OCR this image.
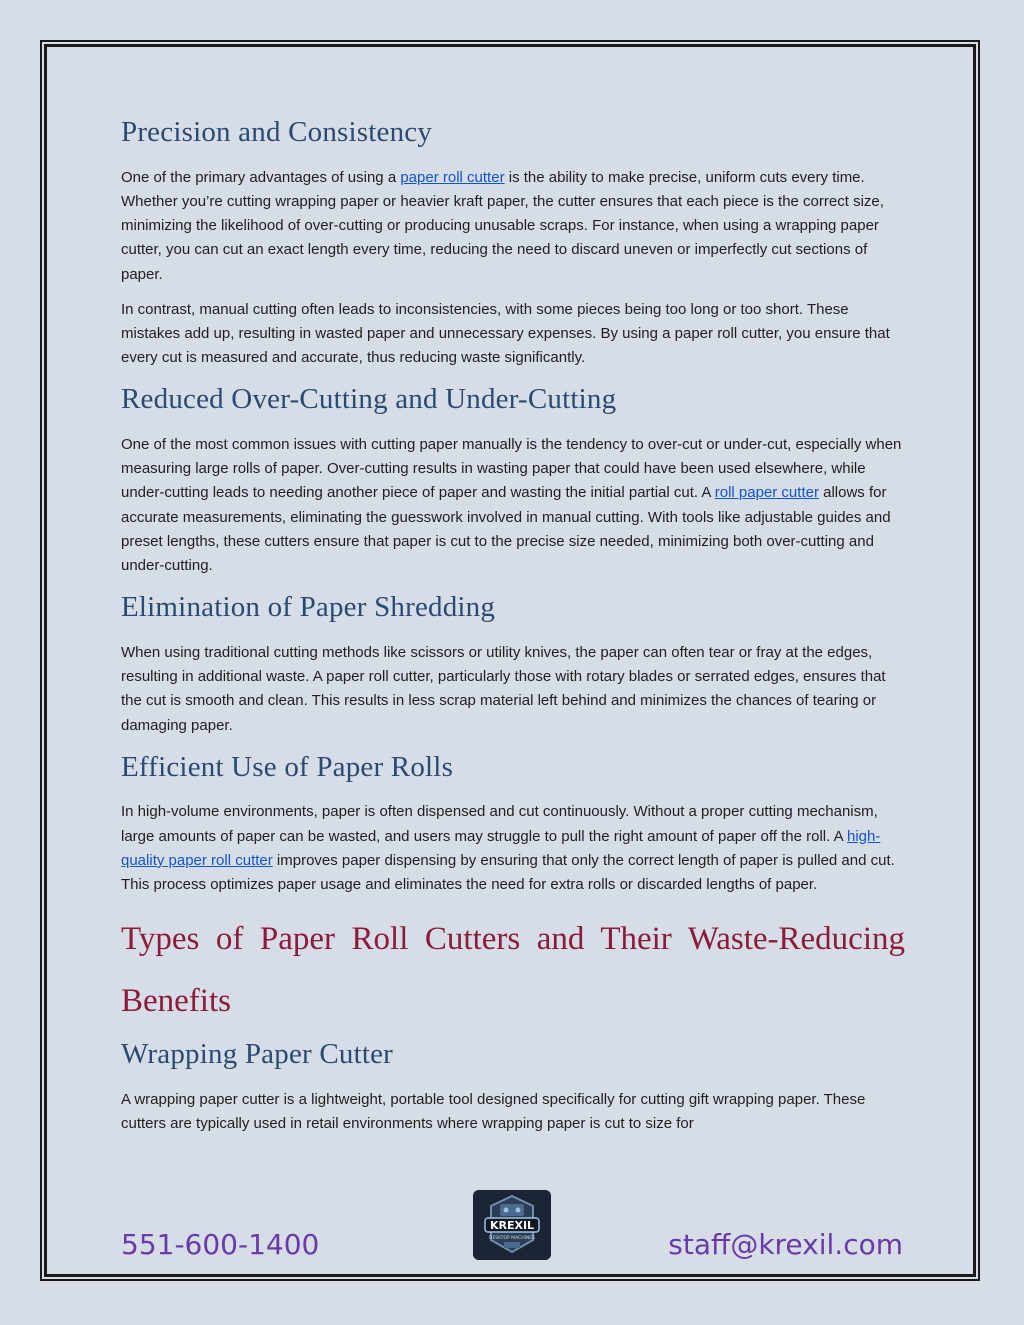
Precision and Consistency

One of the primary advantages of using a paper roll cutter is the ability to make precise, uniform cuts every time. Whether you’re cutting wrapping paper or heavier kraft paper, the cutter ensures that each piece is the correct size, minimizing the likelihood of over-cutting or producing unusable scraps. For instance, when using a wrapping paper cutter, you can cut an exact length every time, reducing the need to discard uneven or imperfectly cut sections of paper.

In contrast, manual cutting often leads to inconsistencies, with some pieces being too long or too short. These mistakes add up, resulting in wasted paper and unnecessary expenses. By using a paper roll cutter, you ensure that every cut is measured and accurate, thus reducing waste significantly.

Reduced Over-Cutting and Under-Cutting

One of the most common issues with cutting paper manually is the tendency to over-cut or under-cut, especially when measuring large rolls of paper. Over-cutting results in wasting paper that could have been used elsewhere, while under-cutting leads to needing another piece of paper and wasting the initial partial cut. A roll paper cutter allows for accurate measurements, eliminating the guesswork involved in manual cutting. With tools like adjustable guides and preset lengths, these cutters ensure that paper is cut to the precise size needed, minimizing both over-cutting and under-cutting.

Elimination of Paper Shredding

When using traditional cutting methods like scissors or utility knives, the paper can often tear or fray at the edges, resulting in additional waste. A paper roll cutter, particularly those with rotary blades or serrated edges, ensures that the cut is smooth and clean. This results in less scrap material left behind and minimizes the chances of tearing or damaging paper.

Efficient Use of Paper Rolls

In high-volume environments, paper is often dispensed and cut continuously. Without a proper cutting mechanism, large amounts of paper can be wasted, and users may struggle to pull the right amount of paper off the roll. A high-quality paper roll cutter improves paper dispensing by ensuring that only the correct length of paper is pulled and cut. This process optimizes paper usage and eliminates the need for extra rolls or discarded lengths of paper.

Types of Paper Roll Cutters and Their Waste-Reducing Benefits
Wrapping Paper Cutter

A wrapping paper cutter is a lightweight, portable tool designed specifically for cutting gift wrapping paper. These cutters are typically used in retail environments where wrapping paper is cut to size for

551-600-1400
KREXIL
DESKTOP MACHINES	staff@krexil.com
